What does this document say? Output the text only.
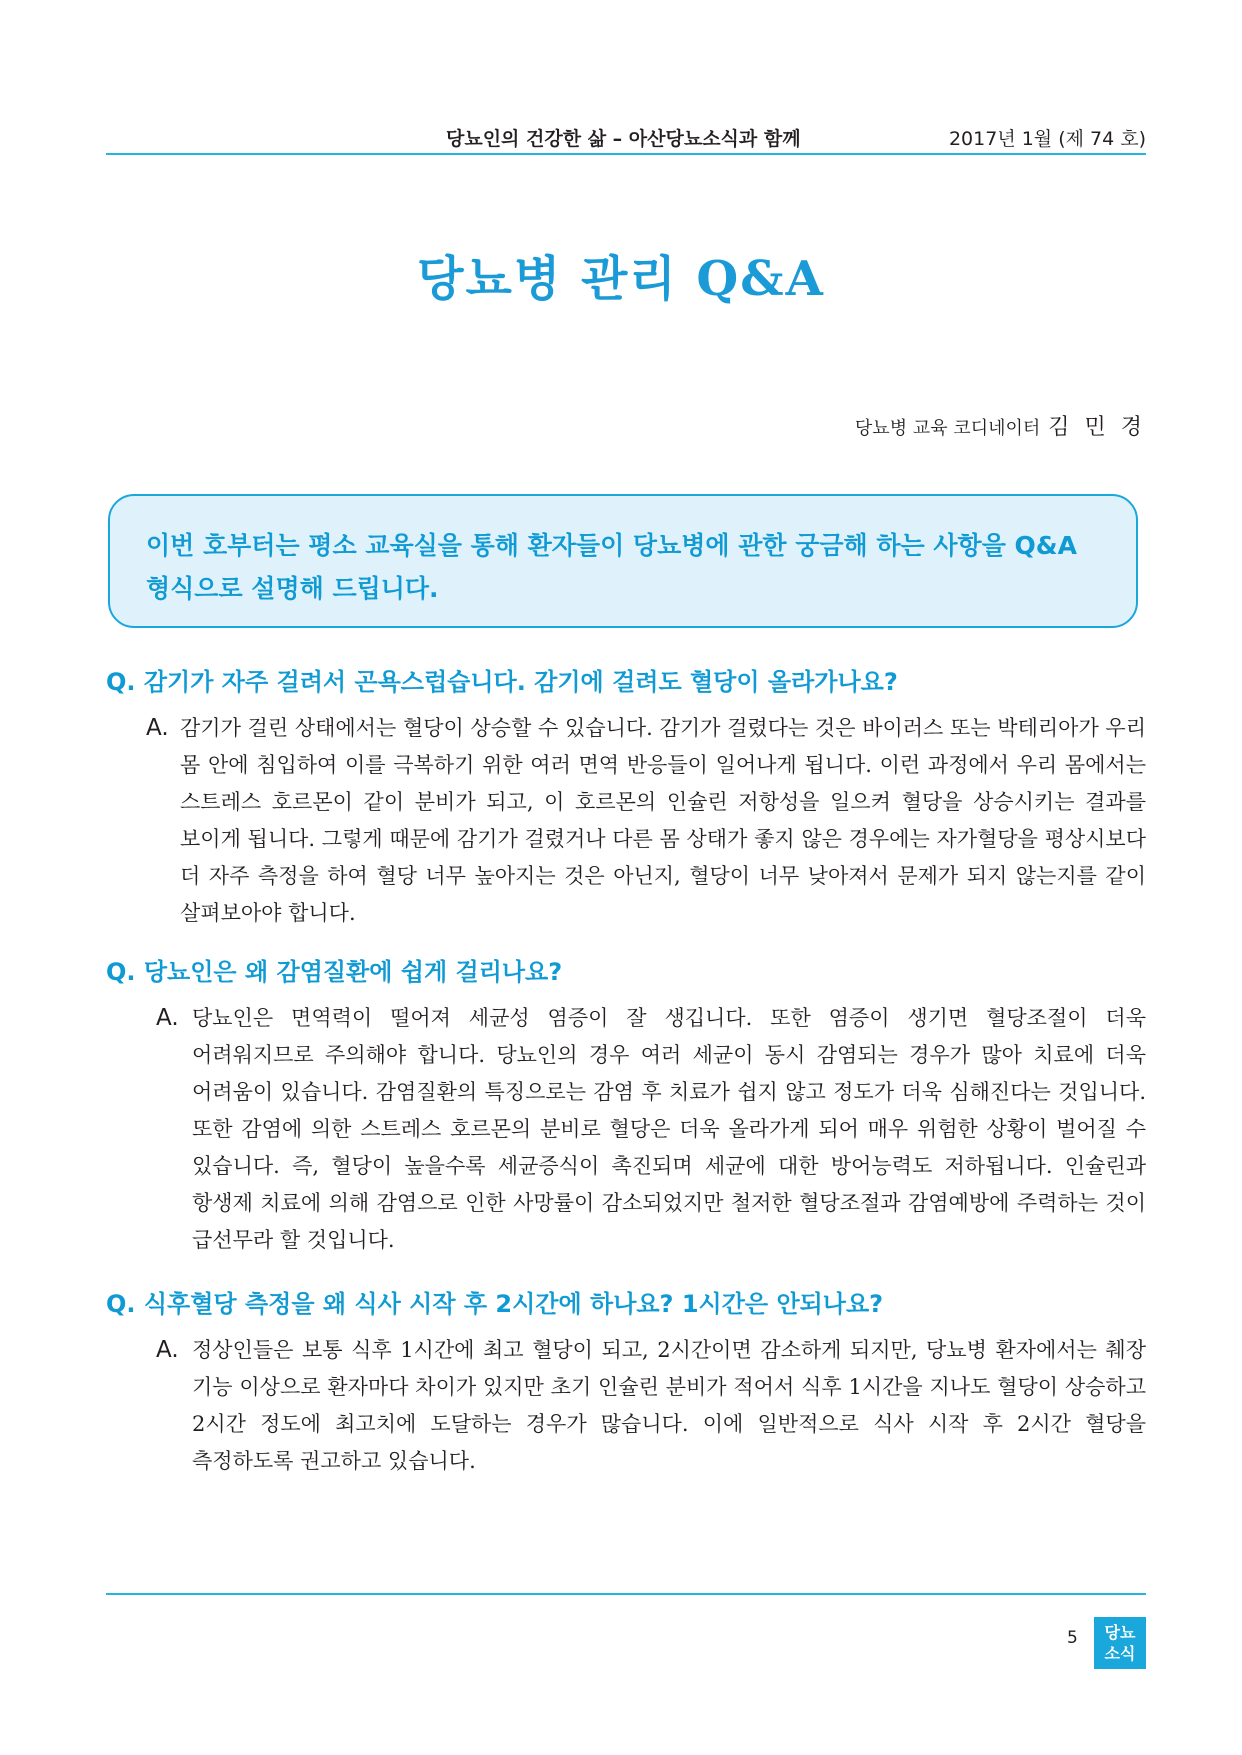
당뇨인의 건강한 삶 – 아산당뇨소식과 함께	2017년 1월 (제 74 호)
당뇨병 관리 Q&A
당뇨병 교육 코디네이터 김 민 경
이번 호부터는 평소 교육실을 통해 환자들이 당뇨병에 관한 궁금해 하는 사항을 Q&A 형식으로 설명해 드립니다.
Q. 감기가 자주 걸려서 곤욕스럽습니다. 감기에 걸려도 혈당이 올라가나요?
A. 감기가 걸린 상태에서는 혈당이 상승할 수 있습니다. 감기가 걸렸다는 것은 바이러스 또는 박테리아가 우리 몸 안에 침입하여 이를 극복하기 위한 여러 면역 반응들이 일어나게 됩니다. 이런 과정에서 우리 몸에서는 스트레스 호르몬이 같이 분비가 되고, 이 호르몬의 인슐린 저항성을 일으켜 혈당을 상승시키는 결과를 보이게 됩니다. 그렇게 때문에 감기가 걸렸거나 다른 몸 상태가 좋지 않은 경우에는 자가혈당을 평상시보다 더 자주 측정을 하여 혈당 너무 높아지는 것은 아닌지, 혈당이 너무 낮아져서 문제가 되지 않는지를 같이 살펴보아야 합니다.
Q. 당뇨인은 왜 감염질환에 쉽게 걸리나요?
A. 당뇨인은 면역력이 떨어져 세균성 염증이 잘 생깁니다. 또한 염증이 생기면 혈당조절이 더욱 어려워지므로 주의해야 합니다. 당뇨인의 경우 여러 세균이 동시 감염되는 경우가 많아 치료에 더욱 어려움이 있습니다. 감염질환의 특징으로는 감염 후 치료가 쉽지 않고 정도가 더욱 심해진다는 것입니다. 또한 감염에 의한 스트레스 호르몬의 분비로 혈당은 더욱 올라가게 되어 매우 위험한 상황이 벌어질 수 있습니다. 즉, 혈당이 높을수록 세균증식이 촉진되며 세균에 대한 방어능력도 저하됩니다. 인슐린과 항생제 치료에 의해 감염으로 인한 사망률이 감소되었지만 철저한 혈당조절과 감염예방에 주력하는 것이 급선무라 할 것입니다.
Q. 식후혈당 측정을 왜 식사 시작 후 2시간에 하나요? 1시간은 안되나요?
A. 정상인들은 보통 식후 1시간에 최고 혈당이 되고, 2시간이면 감소하게 되지만, 당뇨병 환자에서는 췌장 기능 이상으로 환자마다 차이가 있지만 초기 인슐린 분비가 적어서 식후 1시간을 지나도 혈당이 상승하고 2시간 정도에 최고치에 도달하는 경우가 많습니다. 이에 일반적으로 식사 시작 후 2시간 혈당을 측정하도록 권고하고 있습니다.
5	당뇨
소식
